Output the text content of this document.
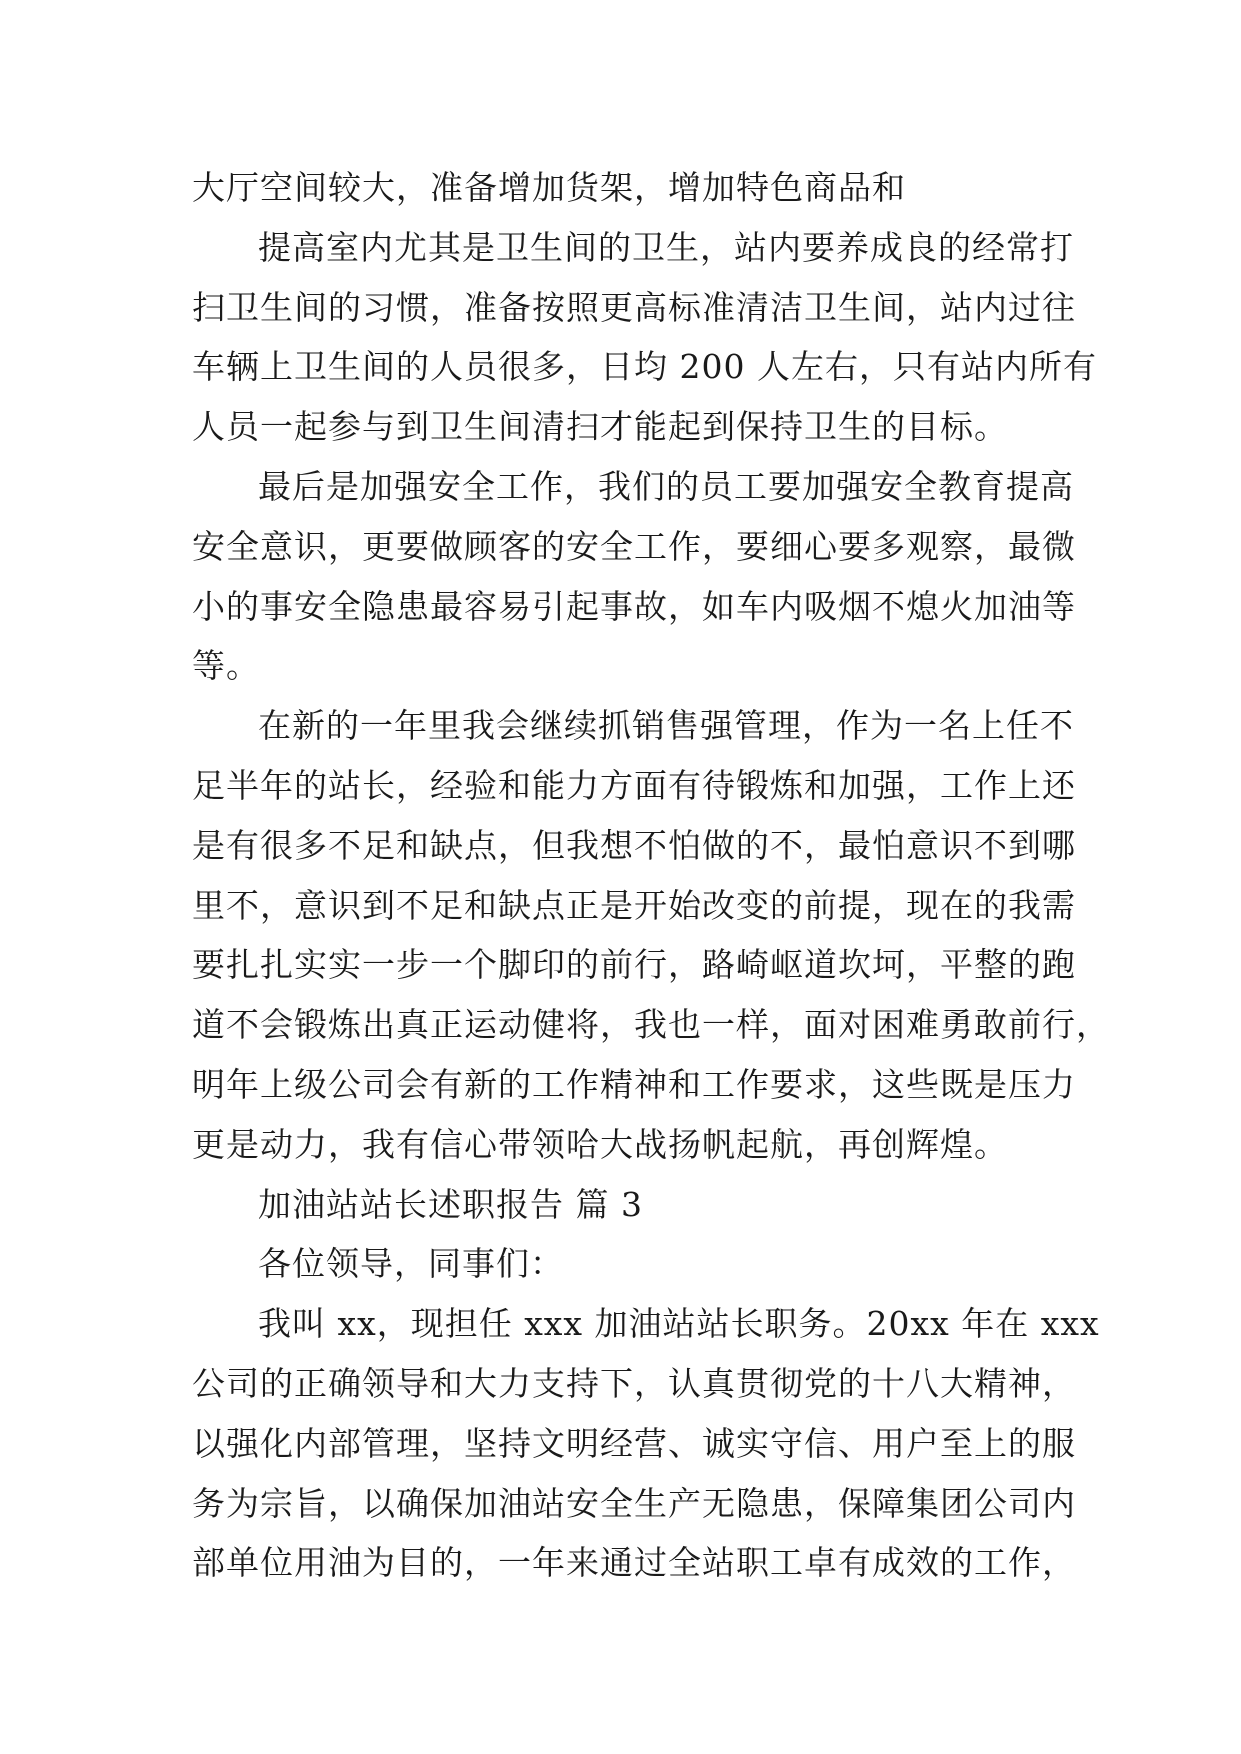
大厅空间较大，准备增加货架，增加特色商品和
提高室内尤其是卫生间的卫生，站内要养成良的经常打
扫卫生间的习惯，准备按照更高标准清洁卫生间，站内过往
车辆上卫生间的人员很多，日均 200 人左右，只有站内所有
人员一起参与到卫生间清扫才能起到保持卫生的目标。
最后是加强安全工作，我们的员工要加强安全教育提高
安全意识，更要做顾客的安全工作，要细心要多观察，最微
小的事安全隐患最容易引起事故，如车内吸烟不熄火加油等
等。
在新的一年里我会继续抓销售强管理，作为一名上任不
足半年的站长，经验和能力方面有待锻炼和加强，工作上还
是有很多不足和缺点，但我想不怕做的不，最怕意识不到哪
里不，意识到不足和缺点正是开始改变的前提，现在的我需
要扎扎实实一步一个脚印的前行，路崎岖道坎坷，平整的跑
道不会锻炼出真正运动健将，我也一样，面对困难勇敢前行，
明年上级公司会有新的工作精神和工作要求，这些既是压力
更是动力，我有信心带领哈大战扬帆起航，再创辉煌。
加油站站长述职报告 篇 3
各位领导，同事们：
我叫 xx，现担任 xxx 加油站站长职务。20xx 年在 xxx
公司的正确领导和大力支持下，认真贯彻党的十八大精神，
以强化内部管理，坚持文明经营、诚实守信、用户至上的服
务为宗旨，以确保加油站安全生产无隐患，保障集团公司内
部单位用油为目的，一年来通过全站职工卓有成效的工作，
